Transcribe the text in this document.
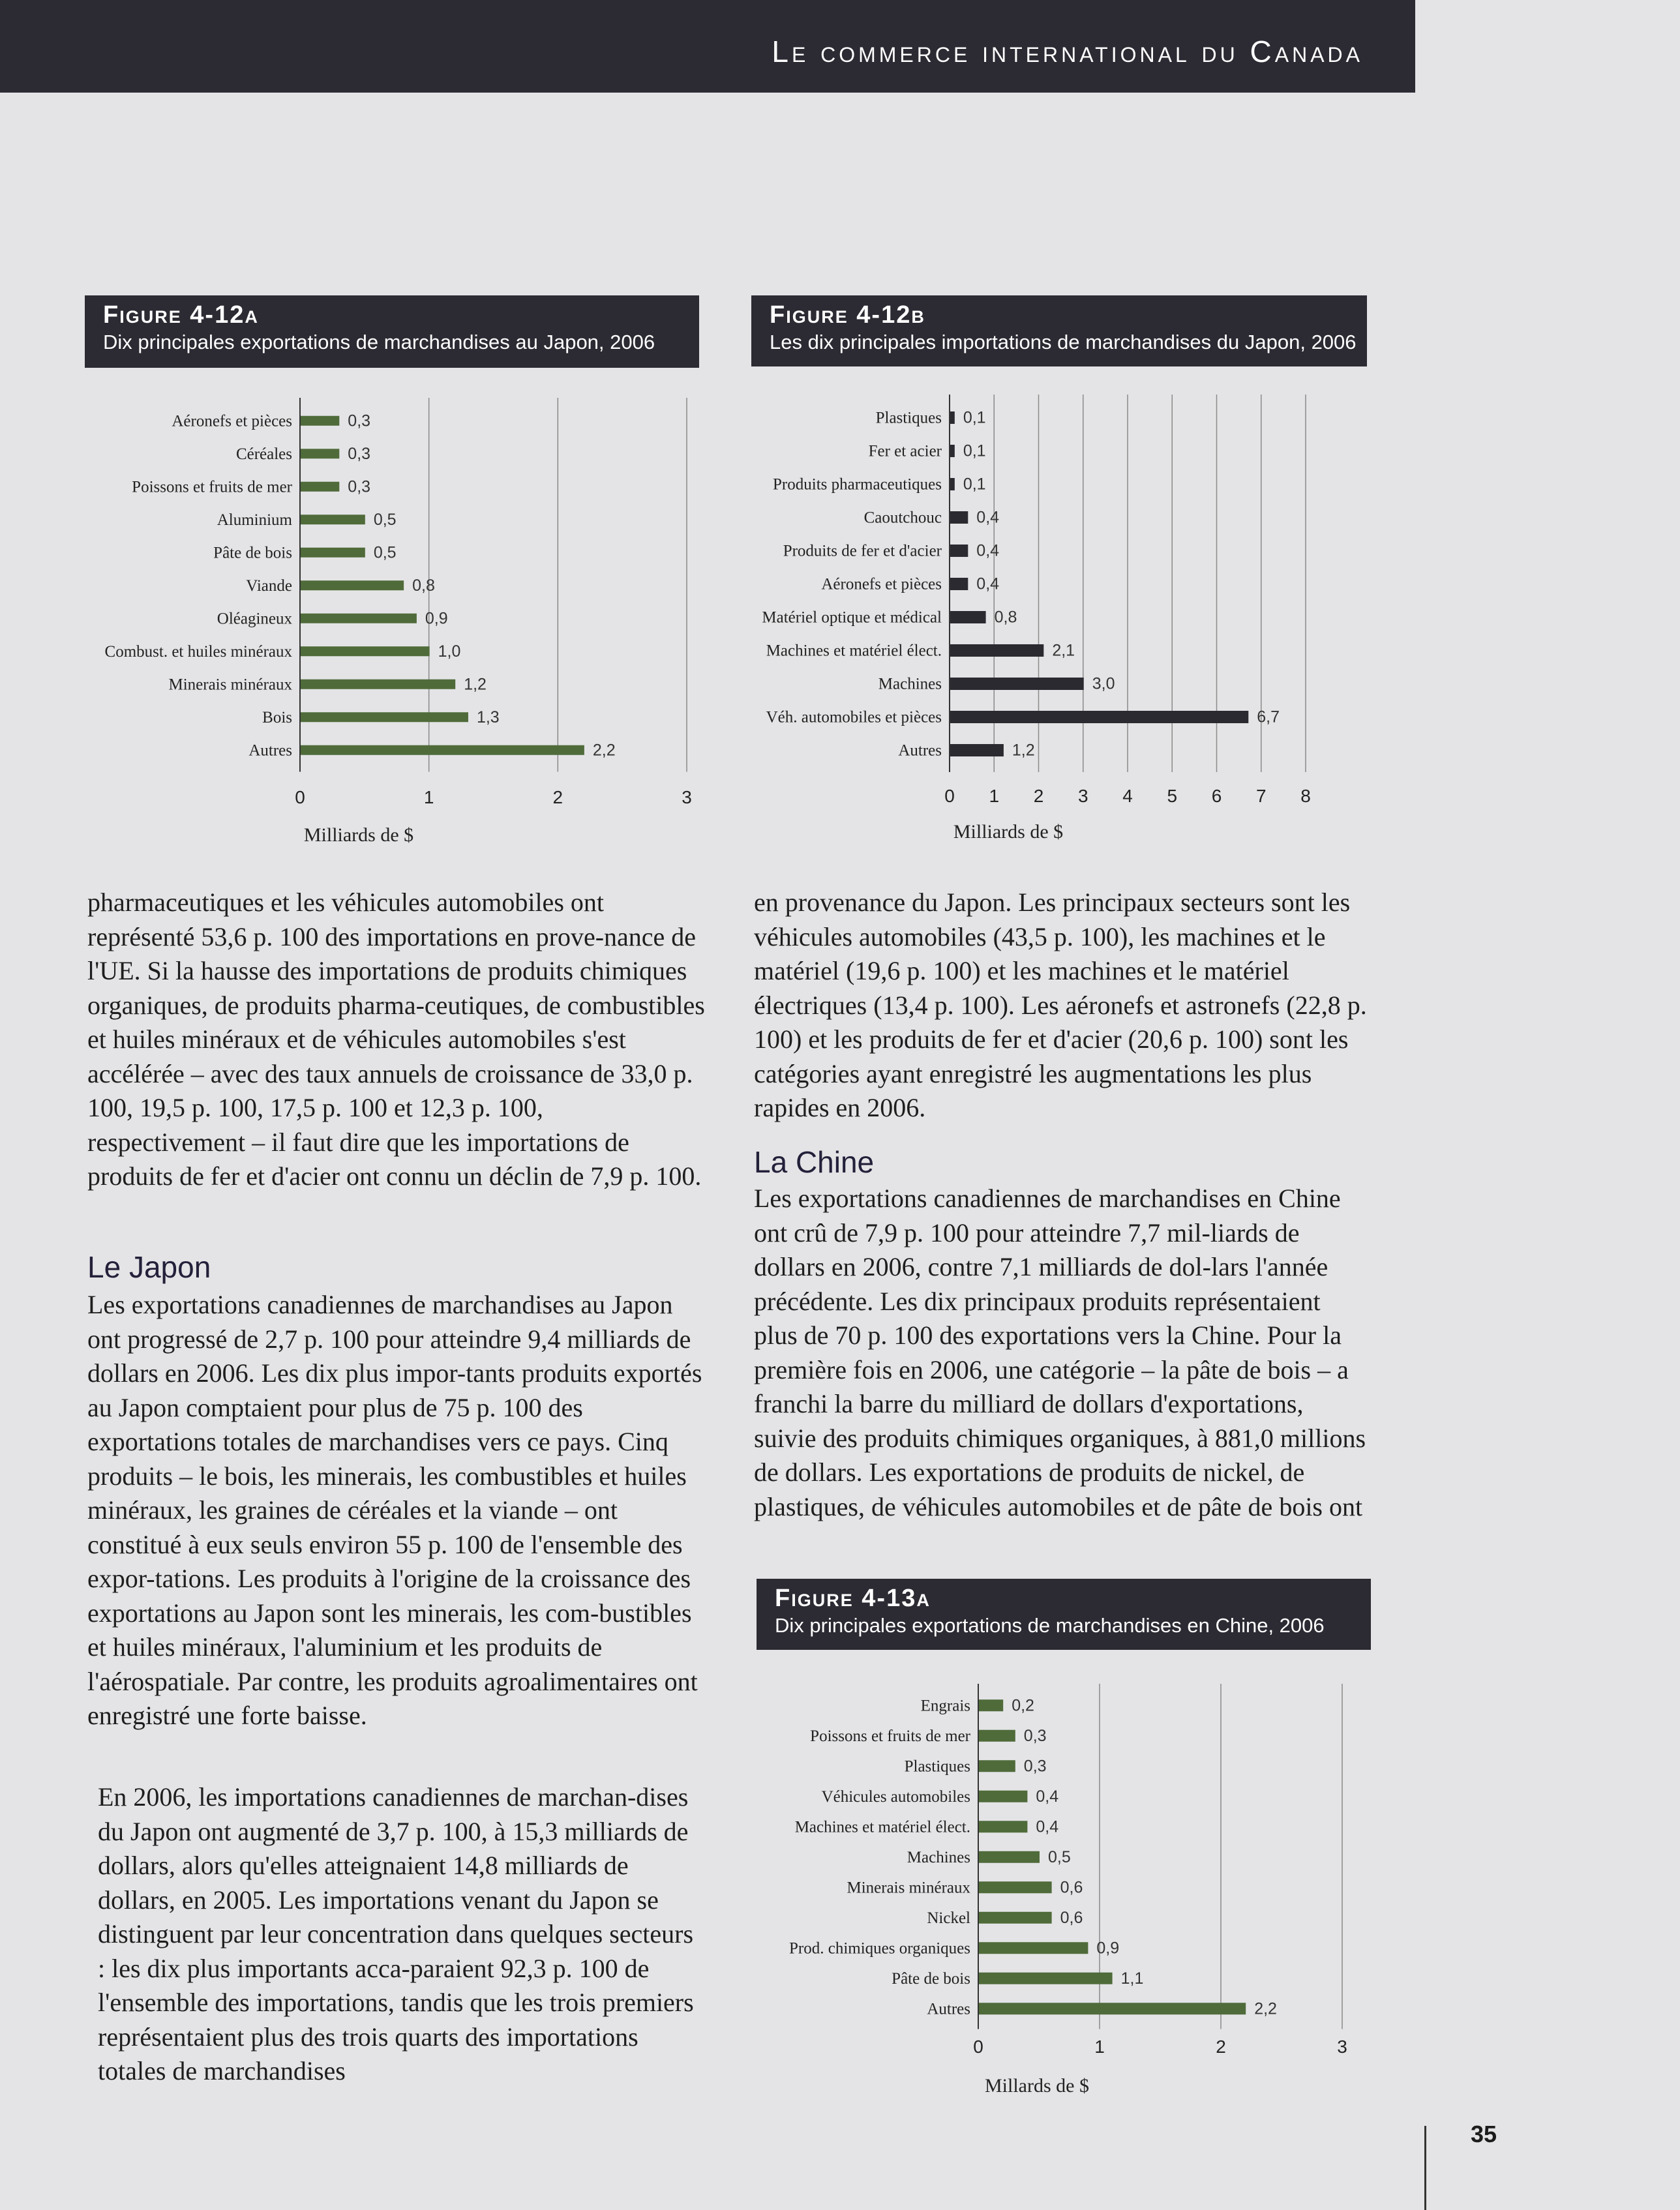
Le commerce international du Canada
Figure 4-12a
Dix principales exportations de marchandises au Japon, 2006
0	1	2	3
Aéronefs et pièces	0,3
Céréales	0,3
Poissons et fruits de mer	0,3
Aluminium	0,5
Pâte de bois	0,5
Viande	0,8
Oléagineux	0,9
Combust. et huiles minéraux	1,0
Minerais minéraux	1,2
Bois	1,3
Autres	2,2
Milliards de $
Figure 4-12b
Les dix principales importations de marchandises du Japon, 2006
0 1 2 3 4 5 6 7 8
Plastiques 0,1
Fer et acier 0,1
Produits pharmaceutiques 0,1
Caoutchouc 0,4
Produits de fer et d'acier 0,4
Aéronefs et pièces 0,4
Matériel optique et médical	0,8
Machines et matériel élect.	2,1
Machines	3,0
Véh. automobiles et pièces	6,7
Autres	1,2
Milliards de $

pharmaceutiques et les véhicules automobiles ont représenté 53,6 p. 100 des importations en prove-nance de l'UE. Si la hausse des importations de produits chimiques organiques, de produits pharma-ceutiques, de combustibles et huiles minéraux et de véhicules automobiles s'est accélérée – avec des taux annuels de croissance de 33,0 p. 100, 19,5 p. 100, 17,5 p. 100 et 12,3 p. 100, respectivement – il faut dire que les importations de produits de fer et d'acier ont connu un déclin de 7,9 p. 100.

Le Japon

Les exportations canadiennes de marchandises au Japon ont progressé de 2,7 p. 100 pour atteindre 9,4 milliards de dollars en 2006. Les dix plus impor-tants produits exportés au Japon comptaient pour plus de 75 p. 100 des exportations totales de marchandises vers ce pays. Cinq produits – le bois, les minerais, les combustibles et huiles minéraux, les graines de céréales et la viande – ont constitué à eux seuls environ 55 p. 100 de l'ensemble des expor-tations. Les produits à l'origine de la croissance des exportations au Japon sont les minerais, les com-bustibles et huiles minéraux, l'aluminium et les produits de l'aérospatiale. Par contre, les produits agroalimentaires ont enregistré une forte baisse.

En 2006, les importations canadiennes de marchan-dises du Japon ont augmenté de 3,7 p. 100, à 15,3 milliards de dollars, alors qu'elles atteignaient 14,8 milliards de dollars, en 2005. Les importations venant du Japon se distinguent par leur concentration dans quelques secteurs : les dix plus importants acca-paraient 92,3 p. 100 de l'ensemble des importations, tandis que les trois premiers représentaient plus des trois quarts des importations totales de marchandises

en provenance du Japon. Les principaux secteurs sont les véhicules automobiles (43,5 p. 100), les machines et le matériel (19,6 p. 100) et les machines et le matériel électriques (13,4 p. 100). Les aéronefs et astronefs (22,8 p. 100) et les produits de fer et d'acier (20,6 p. 100) sont les catégories ayant enregistré les augmentations les plus rapides en 2006.

La Chine

Les exportations canadiennes de marchandises en Chine ont crû de 7,9 p. 100 pour atteindre 7,7 mil-liards de dollars en 2006, contre 7,1 milliards de dol-lars l'année précédente. Les dix principaux produits représentaient plus de 70 p. 100 des exportations vers la Chine. Pour la première fois en 2006, une catégorie – la pâte de bois – a franchi la barre du milliard de dollars d'exportations, suivie des produits chimiques organiques, à 881,0 millions de dollars. Les exportations de produits de nickel, de plastiques, de véhicules automobiles et de pâte de bois ont

Figure 4-13a
Dix principales exportations de marchandises en Chine, 2006
0	1	2	3
Engrais	0,2
Poissons et fruits de mer	0,3
Plastiques	0,3
Véhicules automobiles	0,4
Machines et matériel élect.	0,4
Machines	0,5
Minerais minéraux	0,6
Nickel	0,6
Prod. chimiques organiques	0,9
Pâte de bois	1,1
Autres	2,2
Millards de $
35
